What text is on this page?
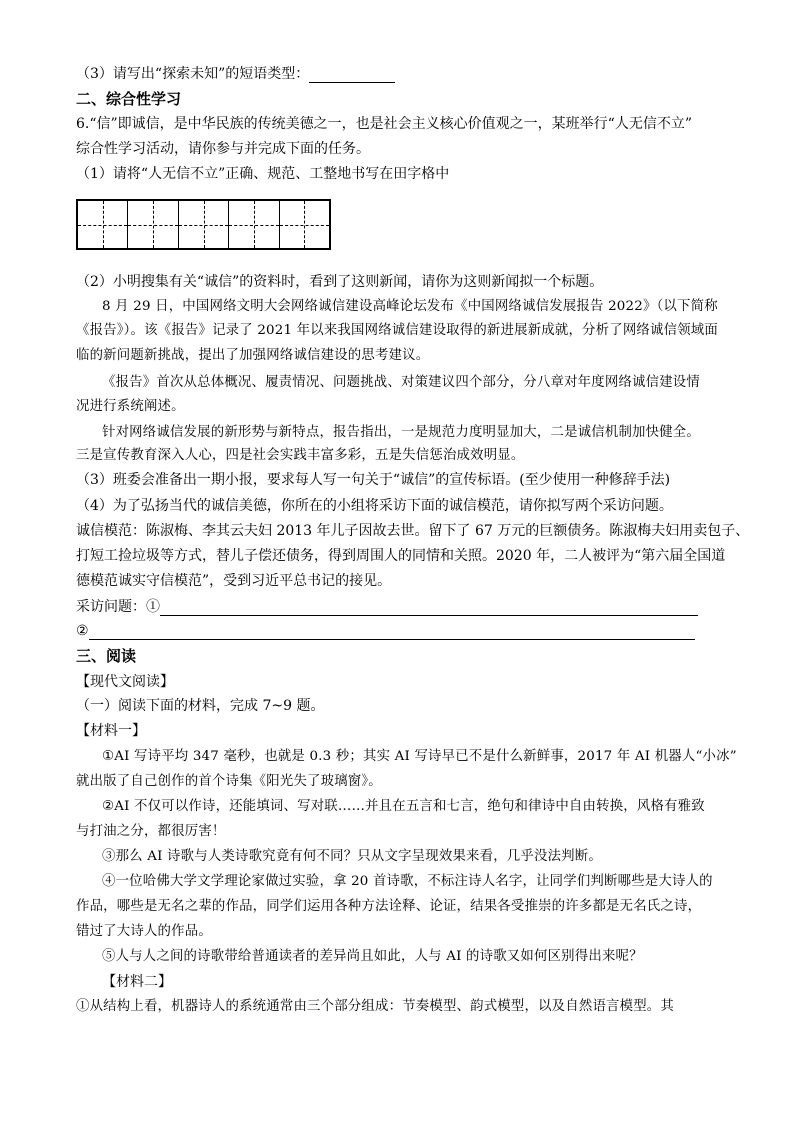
（3）请写出“探索未知”的短语类型：
二、综合性学习
6.“信”即诚信，是中华民族的传统美德之一，也是社会主义核心价值观之一，某班举行“人无信不立”
综合性学习活动，请你参与并完成下面的任务。
（1）请将“人无信不立”正确、规范、工整地书写在田字格中
（2）小明搜集有关“诚信”的资料时，看到了这则新闻，请你为这则新闻拟一个标题。
8 月 29 日，中国网络文明大会网络诚信建设高峰论坛发布《中国网络诚信发展报告 2022》（以下简称
《报告》）。该《报告》记录了 2021 年以来我国网络诚信建设取得的新进展新成就，分析了网络诚信领域面
临的新问题新挑战，提出了加强网络诚信建设的思考建议。
《报告》首次从总体概况、履责情况、问题挑战、对策建议四个部分，分八章对年度网络诚信建设情
况进行系统阐述。
针对网络诚信发展的新形势与新特点，报告指出，一是规范力度明显加大，二是诚信机制加快健全。
三是宣传教育深入人心，四是社会实践丰富多彩，五是失信惩治成效明显。
（3）班委会准备出一期小报，要求每人写一句关于“诚信”的宣传标语。(至少使用一种修辞手法)
（4）为了弘扬当代的诚信美德，你所在的小组将采访下面的诚信模范，请你拟写两个采访问题。
诚信模范：陈淑梅、李其云夫妇 2013 年儿子因故去世。留下了 67 万元的巨额债务。陈淑梅夫妇用卖包子、
打短工捡垃圾等方式，替儿子偿还债务，得到周围人的同情和关照。2020 年，二人被评为“第六届全国道
德模范诚实守信模范”，受到习近平总书记的接见。
采访问题：①
②
三、阅读
【现代文阅读】
（一）阅读下面的材料，完成 7~9 题。
【材料一】
①AI 写诗平均 347 毫秒，也就是 0.3 秒；其实 AI 写诗早已不是什么新鲜事，2017 年 AI 机器人“小冰”
就出版了自己创作的首个诗集《阳光失了玻璃窗》。
②AI 不仅可以作诗，还能填词、写对联……并且在五言和七言，绝句和律诗中自由转换，风格有雅致
与打油之分，都很厉害！
③那么 AI 诗歌与人类诗歌究竟有何不同？只从文字呈现效果来看，几乎没法判断。
④一位哈佛大学文学理论家做过实验，拿 20 首诗歌，不标注诗人名字，让同学们判断哪些是大诗人的
作品，哪些是无名之辈的作品，同学们运用各种方法诠释、论证，结果各受推崇的许多都是无名氏之诗，
错过了大诗人的作品。
⑤人与人之间的诗歌带给普通读者的差异尚且如此，人与 AI 的诗歌又如何区别得出来呢？
【材料二】
①从结构上看，机器诗人的系统通常由三个部分组成：节奏模型、韵式模型，以及自然语言模型。其
